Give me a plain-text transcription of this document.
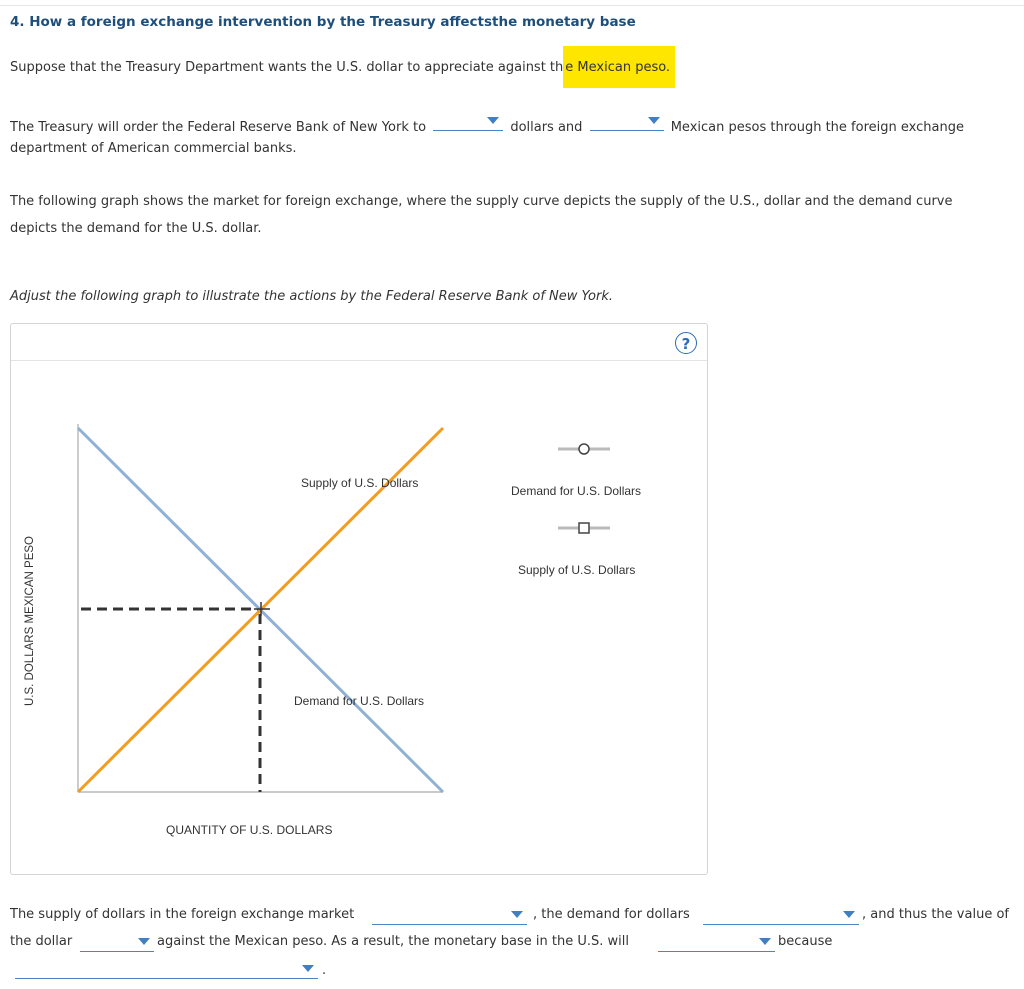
4. How a foreign exchange intervention by the Treasury affectsthe monetary base
Suppose that the Treasury Department wants the U.S. dollar to appreciate against th e Mexican peso.
The Treasury will order the Federal Reserve Bank of New York to	dollars and	Mexican pesos through the foreign exchange
department of American commercial banks.
The following graph shows the market for foreign exchange, where the supply curve depicts the supply of the U.S., dollar and the demand curve
depicts the demand for the U.S. dollar.
Adjust the following graph to illustrate the actions by the Federal Reserve Bank of New York.
?
U.S. DOLLARS MEXICAN PESO
QUANTITY OF U.S. DOLLARS
Supply of U.S. Dollars
Demand for U.S. Dollars
Demand for U.S. Dollars
Supply of U.S. Dollars
The supply of dollars in the foreign exchange market	, the demand for dollars	, and thus the value of
the dollar	against the Mexican peso. As a result, the monetary base in the U.S. will	because
.
